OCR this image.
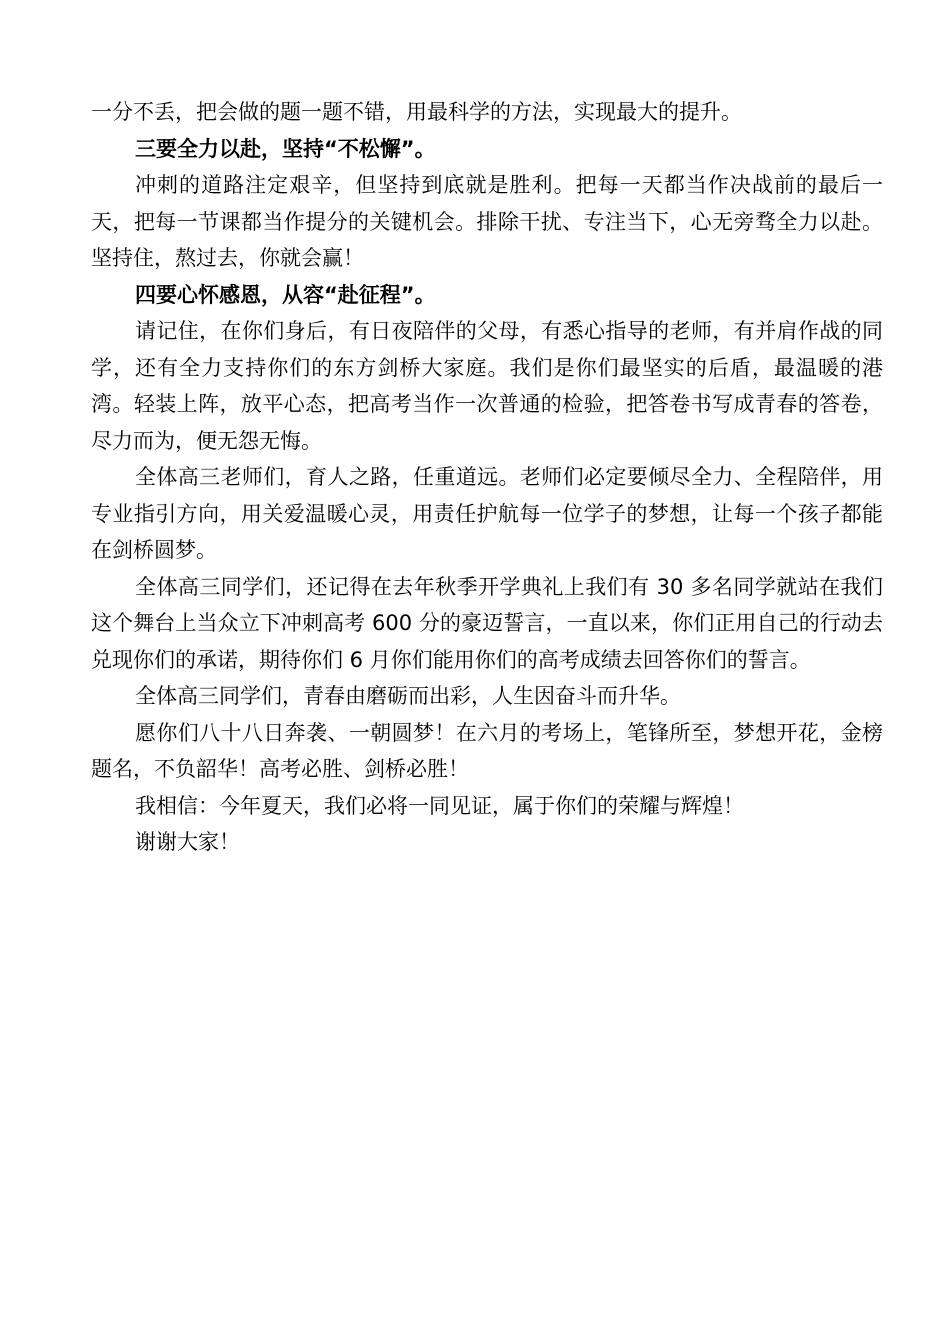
一分不丢，把会做的题一题不错，用最科学的方法，实现最大的提升。

三要全力以赴，坚持“不松懈”。

冲刺的道路注定艰辛，但坚持到底就是胜利。把每一天都当作决战前的最后一天，把每一节课都当作提分的关键机会。排除干扰、专注当下，心无旁骛全力以赴。坚持住，熬过去，你就会赢！

四要心怀感恩，从容“赴征程”。

请记住，在你们身后，有日夜陪伴的父母，有悉心指导的老师，有并肩作战的同学，还有全力支持你们的东方剑桥大家庭。我们是你们最坚实的后盾，最温暖的港湾。轻装上阵，放平心态，把高考当作一次普通的检验，把答卷书写成青春的答卷，尽力而为，便无怨无悔。

全体高三老师们，育人之路，任重道远。老师们必定要倾尽全力、全程陪伴，用专业指引方向，用关爱温暖心灵，用责任护航每一位学子的梦想，让每一个孩子都能在剑桥圆梦。

全体高三同学们，还记得在去年秋季开学典礼上我们有 30 多名同学就站在我们这个舞台上当众立下冲刺高考 600 分的豪迈誓言，一直以来，你们正用自己的行动去兑现你们的承诺，期待你们 6 月你们能用你们的高考成绩去回答你们的誓言。

全体高三同学们，青春由磨砺而出彩，人生因奋斗而升华。

愿你们八十八日奔袭、一朝圆梦！在六月的考场上，笔锋所至，梦想开花，金榜题名，不负韶华！高考必胜、剑桥必胜！

我相信：今年夏天，我们必将一同见证，属于你们的荣耀与辉煌！

谢谢大家！
